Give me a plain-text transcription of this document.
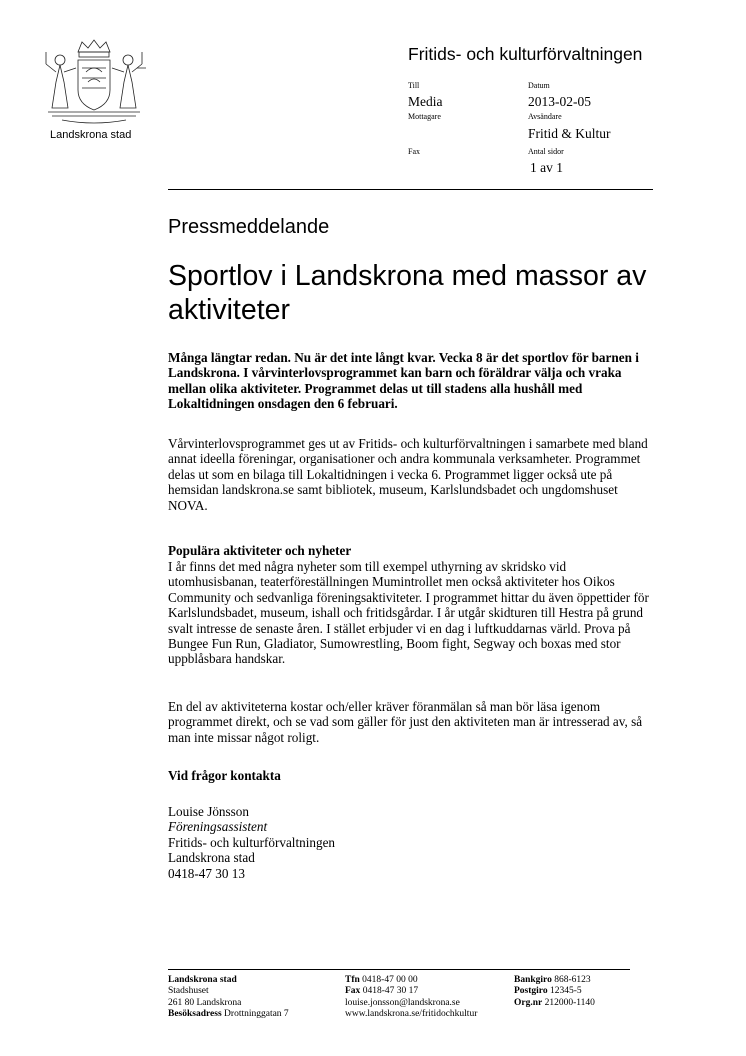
Landskrona stad
Fritids- och kulturförvaltningen
Till
Media
Mottagare
Fax
Datum
2013-02-05
Avsändare
Fritid & Kultur
Antal sidor
1 av 1
Pressmeddelande
Sportlov i Landskrona med massor av aktiviteter
Många längtar redan. Nu är det inte långt kvar. Vecka 8 är det sportlov för barnen i Landskrona. I vårvinterlovsprogrammet kan barn och föräldrar välja och vraka mellan olika aktiviteter. Programmet delas ut till stadens alla hushåll med Lokaltidningen onsdagen den 6 februari.
Vårvinterlovsprogrammet ges ut av Fritids- och kulturförvaltningen i samarbete med bland annat ideella föreningar, organisationer och andra kommunala verksamheter. Programmet delas ut som en bilaga till Lokaltidningen i vecka 6. Programmet ligger också ute på hemsidan landskrona.se samt bibliotek, museum, Karlslundsbadet och ungdomshuset NOVA.
Populära aktiviteter och nyheter
I år finns det med några nyheter som till exempel uthyrning av skridsko vid utomhusisbanan, teaterföreställningen Mumintrollet men också aktiviteter hos Oikos Community och sedvanliga föreningsaktiviteter. I programmet hittar du även öppettider för Karlslundsbadet, museum, ishall och fritidsgårdar. I år utgår skidturen till Hestra på grund svalt intresse de senaste åren. I stället erbjuder vi en dag i luftkuddarnas värld. Prova på Bungee Fun Run, Gladiator, Sumowrestling, Boom fight, Segway och boxas med stor uppblåsbara handskar.
En del av aktiviteterna kostar och/eller kräver föranmälan så man bör läsa igenom programmet direkt, och se vad som gäller för just den aktiviteten man är intresserad av, så man inte missar något roligt.
Vid frågor kontakta
Louise Jönsson
Föreningsassistent
Fritids- och kulturförvaltningen
Landskrona stad
0418-47 30 13
Landskrona stad
Stadshuset
261 80 Landskrona
Besöksadress Drottninggatan 7
Tfn 0418-47 00 00
Fax 0418-47 30 17
louise.jonsson@landskrona.se
www.landskrona.se/fritidochkultur
Bankgiro 868-6123
Postgiro 12345-5
Org.nr 212000-1140
